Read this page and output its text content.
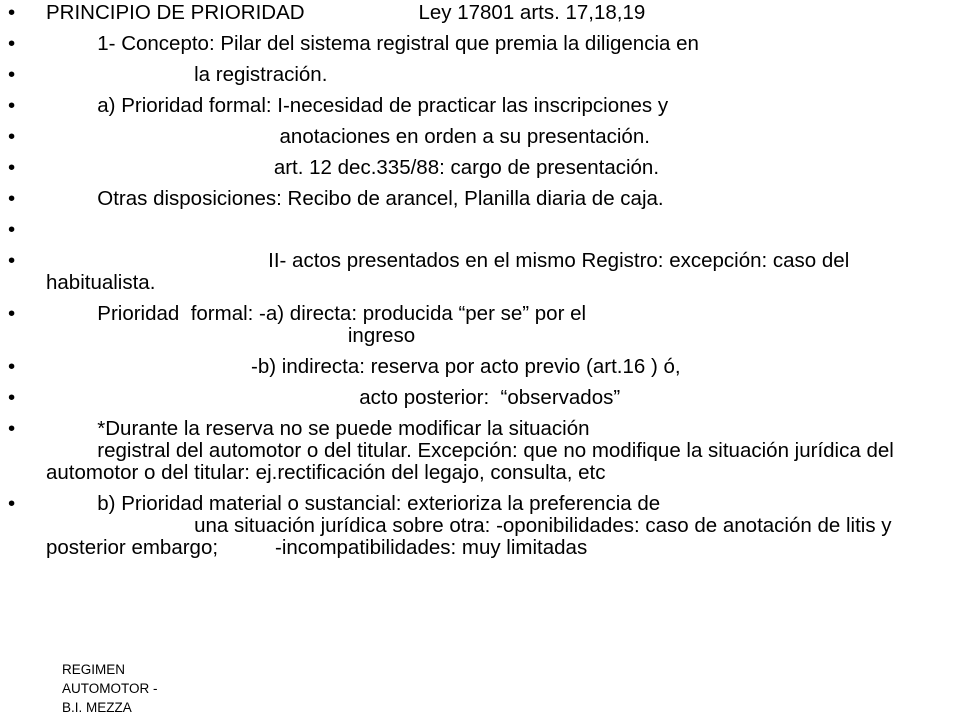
• PRINCIPIO DE PRIORIDAD                    Ley 17801 arts. 17,18,19
•          1- Concepto: Pilar del sistema registral que premia la diligencia en
•                           la registración.
•          a) Prioridad formal: I-necesidad de practicar las inscripciones y
•                                          anotaciones en orden a su presentación.
•                                         art. 12 dec.335/88: cargo de presentación.
•          Otras disposiciones: Recibo de arancel, Planilla diaria de caja.
•
•                                        II- actos presentados en el mismo Registro: excepción: caso del habitualista.
•          Prioridad  formal: -a) directa: producida “per se” por el
ingreso
•                                     -b) indirecta: reserva por acto previo (art.16 ) ó,
•                                                        acto posterior:  “observados”
•          *Durante la reserva no se puede modificar la situación
registral del automotor o del titular. Excepción: que no modifique la situación jurídica del automotor o del titular: ej.rectificación del legajo, consulta, etc
•          b) Prioridad material o sustancial: exterioriza la preferencia de
una situación jurídica sobre otra: -oponibilidades: caso de anotación de litis y posterior embargo;          -incompatibilidades: muy limitadas
REGIMEN
AUTOMOTOR -
B.I. MEZZA
